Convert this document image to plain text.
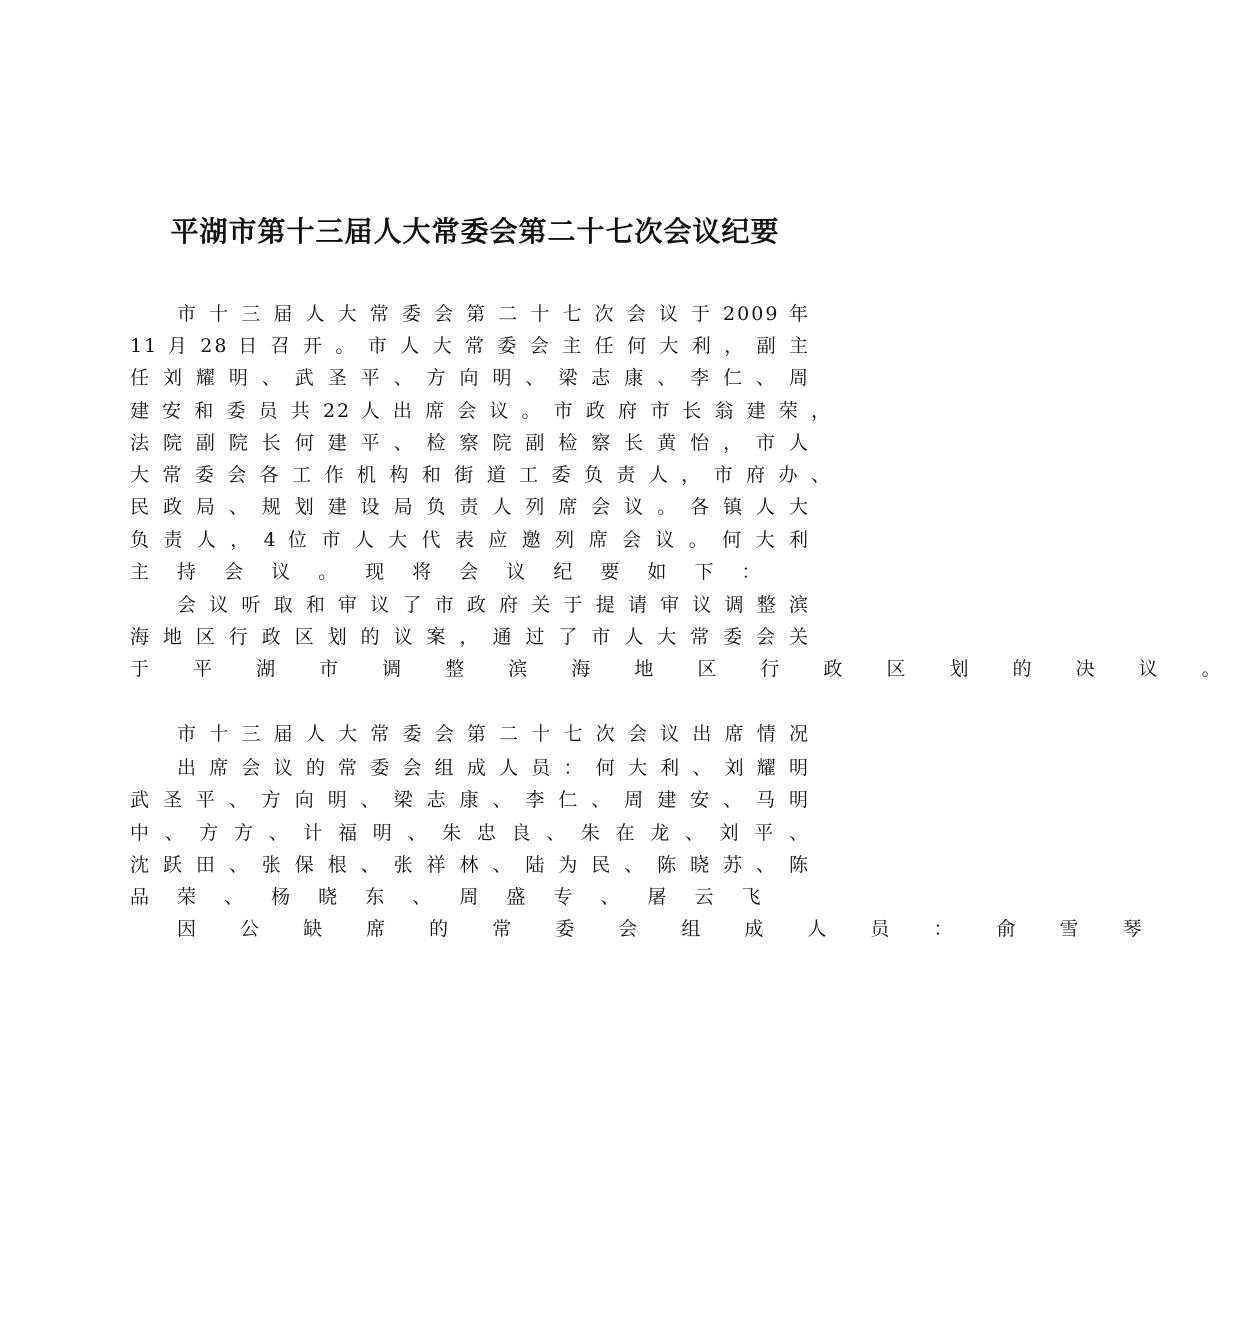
平湖市第十三届人大常委会第二十七次会议纪要
市 十 三 届 人 大 常 委 会 第 二 十 七 次 会 议 于 2009 年
11 月 28 日 召 开 。 市 人 大 常 委 会 主 任 何 大 利 ， 副 主
任 刘 耀 明 、 武 圣 平 、 方 向 明 、 梁 志 康 、 李 仁 、 周
建 安 和 委 员 共 22 人 出 席 会 议 。 市 政 府 市 长 翁 建 荣 ，
法 院 副 院 长 何 建 平 、 检 察 院 副 检 察 长 黄 怡 ， 市 人
大 常 委 会 各 工 作 机 构 和 街 道 工 委 负 责 人 ， 市 府 办 、
民 政 局 、 规 划 建 设 局 负 责 人 列 席 会 议 。 各 镇 人 大
负 责 人 ， 4 位 市 人 大 代 表 应 邀 列 席 会 议 。 何 大 利
主 持 会 议 。 现 将 会 议 纪 要 如 下 ：
会 议 听 取 和 审 议 了 市 政 府 关 于 提 请 审 议 调 整 滨
海 地 区 行 政 区 划 的 议 案 ， 通 过 了 市 人 大 常 委 会 关
于 平 湖 市 调 整 滨 海 地 区 行 政 区 划 的 决 议 。
市 十 三 届 人 大 常 委 会 第 二 十 七 次 会 议 出 席 情 况
出 席 会 议 的 常 委 会 组 成 人 员 ： 何 大 利 、 刘 耀 明
武 圣 平 、 方 向 明 、 梁 志 康 、 李 仁 、 周 建 安 、 马 明
中 、 方 方 、 计 福 明 、 朱 忠 良 、 朱 在 龙 、 刘 平 、
沈 跃 田 、 张 保 根 、 张 祥 林 、 陆 为 民 、 陈 晓 苏 、 陈
品 荣 、 杨 晓 东 、 周 盛 专 、 屠 云 飞
因 公 缺 席 的 常 委 会 组 成 人 员 ： 俞 雪 琴
